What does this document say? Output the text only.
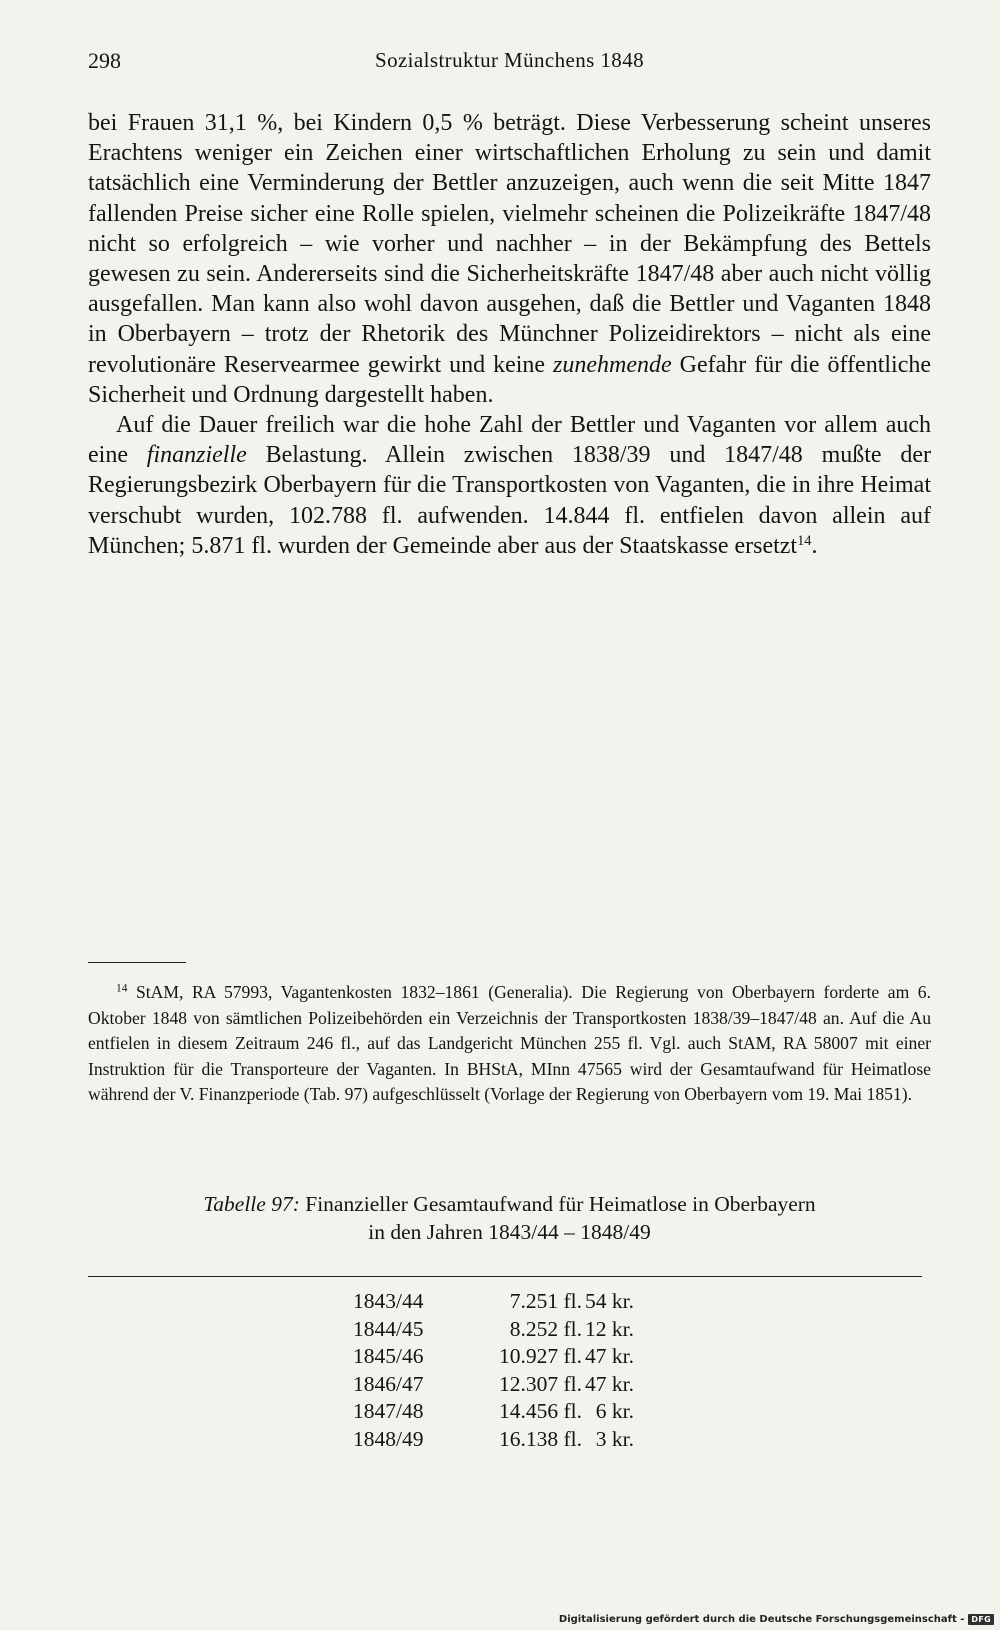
298	Sozialstruktur Münchens 1848

bei Frauen 31,1 %, bei Kindern 0,5 % beträgt. Diese Verbesserung scheint unseres Erachtens weniger ein Zeichen einer wirtschaftlichen Erholung zu sein und damit tatsächlich eine Verminderung der Bettler anzuzeigen, auch wenn die seit Mitte 1847 fallenden Preise sicher eine Rolle spielen, vielmehr scheinen die Polizeikräfte 1847/48 nicht so erfolgreich – wie vorher und nachher – in der Bekämpfung des Bettels gewesen zu sein. Andererseits sind die Sicherheitskräfte 1847/48 aber auch nicht völlig ausgefallen. Man kann also wohl davon ausgehen, daß die Bettler und Vaganten 1848 in Oberbayern – trotz der Rhetorik des Münchner Polizeidirektors – nicht als eine revolutionäre Reservearmee gewirkt und keine zunehmende Gefahr für die öffentliche Sicherheit und Ordnung dargestellt haben.

Auf die Dauer freilich war die hohe Zahl der Bettler und Vaganten vor allem auch eine finanzielle Belastung. Allein zwischen 1838/39 und 1847/48 mußte der Regierungsbezirk Oberbayern für die Transportkosten von Vaganten, die in ihre Heimat verschubt wurden, 102.788 fl. aufwenden. 14.844 fl. entfielen davon allein auf München; 5.871 fl. wurden der Gemeinde aber aus der Staatskasse ersetzt$^{14}$.

$^{14}$ StAM, RA 57993, Vagantenkosten 1832–1861 (Generalia). Die Regierung von Oberbayern forderte am 6. Oktober 1848 von sämtlichen Polizeibehörden ein Verzeichnis der Transportkosten 1838/39–1847/48 an. Auf die Au entfielen in diesem Zeitraum 246 fl., auf das Landgericht München 255 fl. Vgl. auch StAM, RA 58007 mit einer Instruktion für die Transporteure der Vaganten. In BHStA, MInn 47565 wird der Gesamtaufwand für Heimatlose während der V. Finanzperiode (Tab. 97) aufgeschlüsselt (Vorlage der Regierung von Oberbayern vom 19. Mai 1851).

Tabelle 97: Finanzieller Gesamtaufwand für Heimatlose in Oberbayern
in den Jahren 1843/44 – 1848/49
1843/44	7.251 fl. 54 kr.
1844/45	8.252 fl. 12 kr.
1845/46	10.927 fl. 47 kr.
1846/47	12.307 fl. 47 kr.
1847/48	14.456 fl. 6 kr.
1848/49	16.138 fl. 3 kr.
Digitalisierung gefördert durch die Deutsche Forschungsgemeinschaft - DFG
